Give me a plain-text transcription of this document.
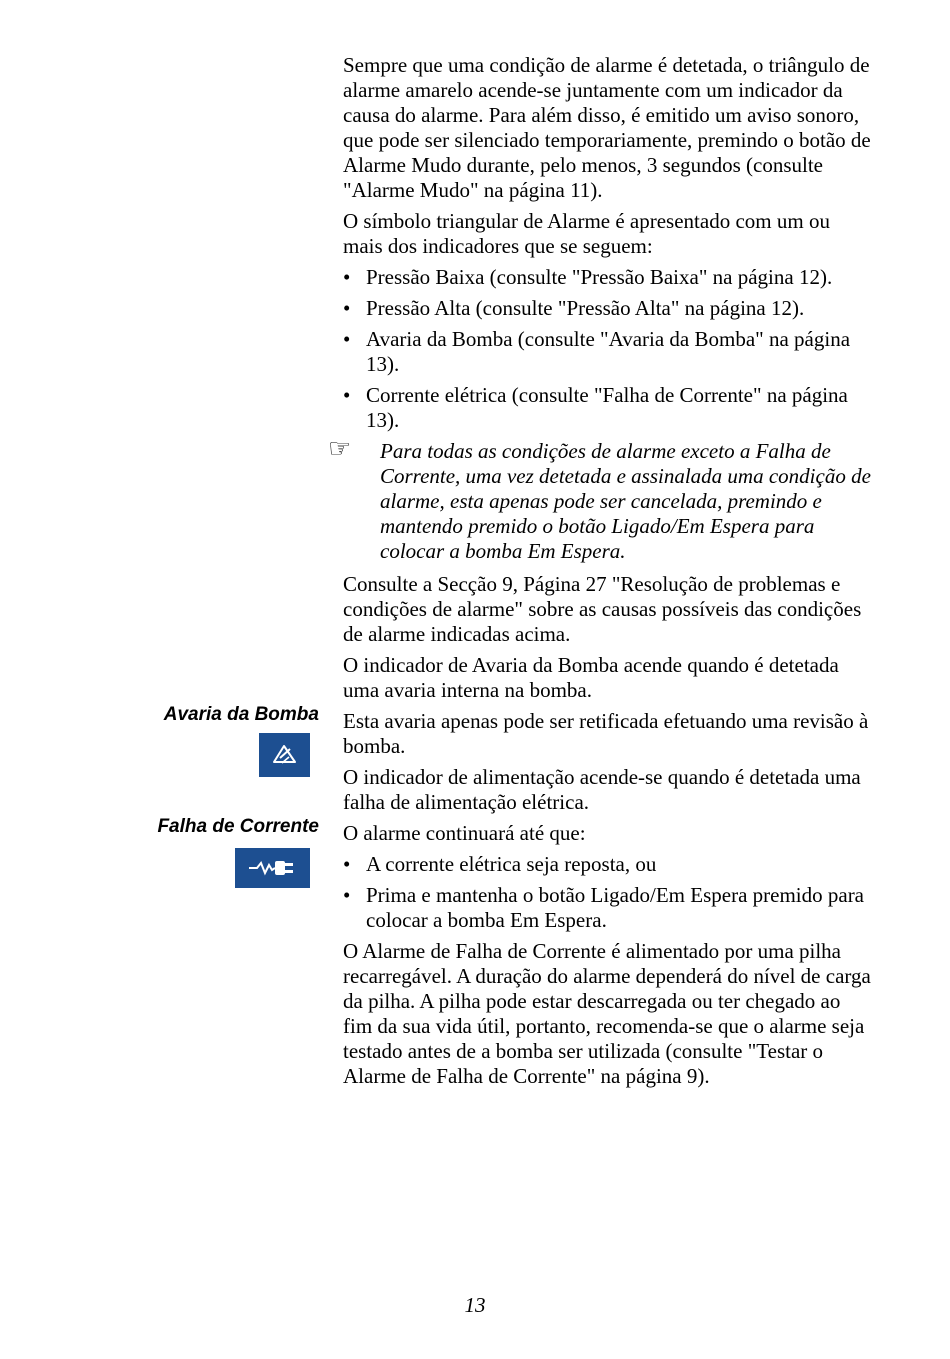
Sempre que uma condição de alarme é detetada, o triângulo de alarme amarelo acende-se juntamente com um indicador da causa do alarme. Para além disso, é emitido um aviso sonoro, que pode ser silenciado temporariamente, premindo o botão de Alarme Mudo durante, pelo menos, 3 segundos (consulte "Alarme Mudo" na página 11).

O símbolo triangular de Alarme é apresentado com um ou mais dos indicadores que se seguem:

• Pressão Baixa (consulte "Pressão Baixa" na página 12).
• Pressão Alta (consulte "Pressão Alta" na página 12).
• Avaria da Bomba (consulte "Avaria da Bomba" na página 13).
• Corrente elétrica (consulte "Falha de Corrente" na página 13).
☞ Para todas as condições de alarme exceto a Falha de Corrente, uma vez detetada e assinalada uma condição de alarme, esta apenas pode ser cancelada, premindo e mantendo premido o botão Ligado/Em Espera para colocar a bomba Em Espera.

Consulte a Secção 9, Página 27 "Resolução de problemas e condições de alarme" sobre as causas possíveis das condições de alarme indicadas acima.

O indicador de Avaria da Bomba acende quando é detetada uma avaria interna na bomba.

Esta avaria apenas pode ser retificada efetuando uma revisão à bomba.

O indicador de alimentação acende-se quando é detetada uma falha de alimentação elétrica.

O alarme continuará até que:

• A corrente elétrica seja reposta, ou
• Prima e mantenha o botão Ligado/Em Espera premido para colocar a bomba Em Espera.

O Alarme de Falha de Corrente é alimentado por uma pilha recarregável. A duração do alarme dependerá do nível de carga da pilha. A pilha pode estar descarregada ou ter chegado ao fim da sua vida útil, portanto, recomenda-se que o alarme seja testado antes de a bomba ser utilizada (consulte "Testar o Alarme de Falha de Corrente" na página 9).

Avaria da Bomba
Falha de Corrente
13
